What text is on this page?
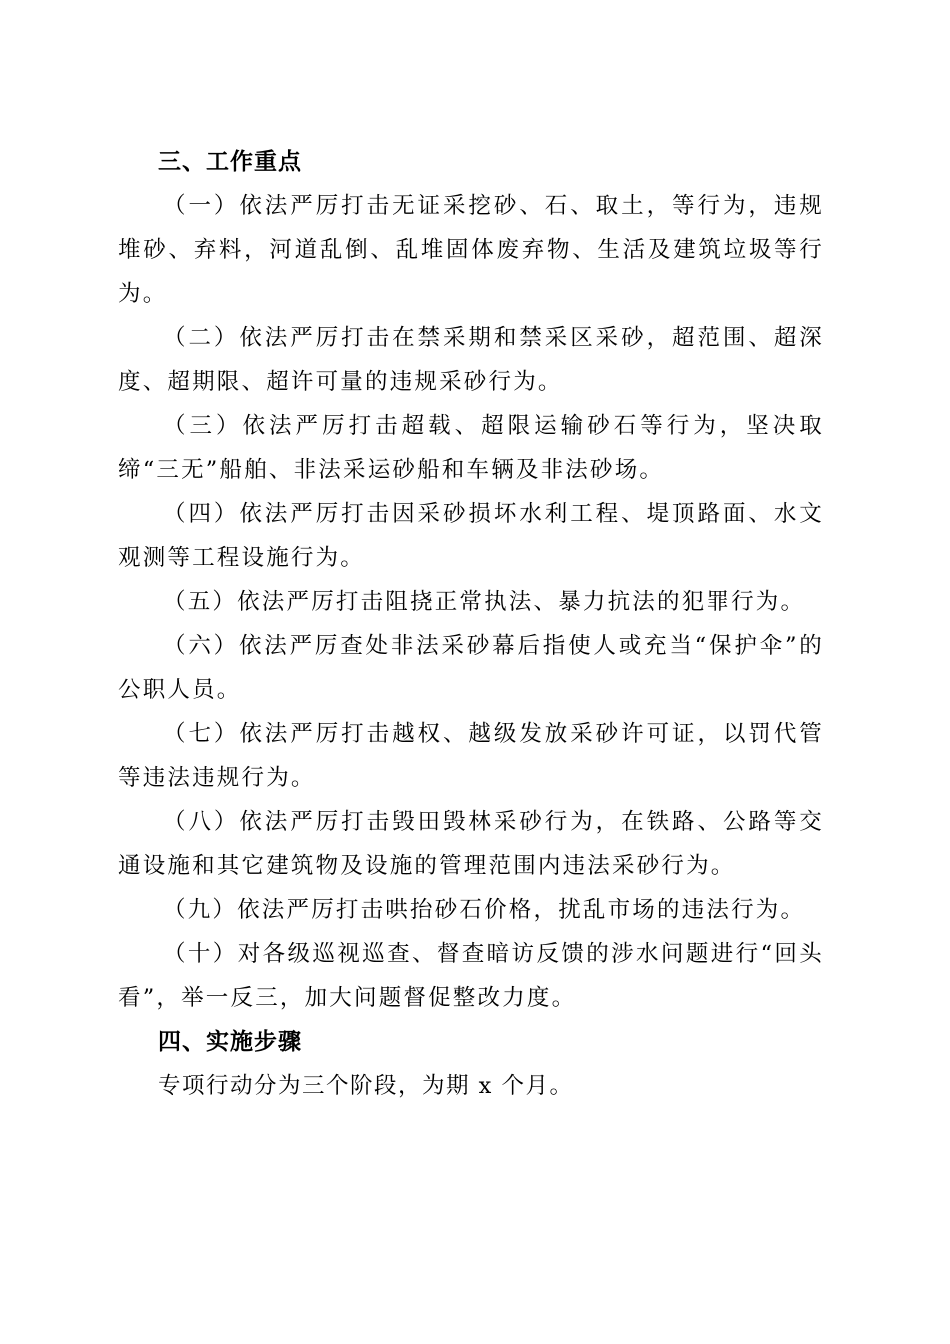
三、工作重点

（一）依法严厉打击无证采挖砂、石、取土，等行为，违规堆砂、弃料，河道乱倒、乱堆固体废弃物、生活及建筑垃圾等行为。

（二）依法严厉打击在禁采期和禁采区采砂，超范围、超深度、超期限、超许可量的违规采砂行为。

（三）依法严厉打击超载、超限运输砂石等行为，坚决取缔“三无”船舶、非法采运砂船和车辆及非法砂场。

（四）依法严厉打击因采砂损坏水利工程、堤顶路面、水文观测等工程设施行为。

（五）依法严厉打击阻挠正常执法、暴力抗法的犯罪行为。

（六）依法严厉查处非法采砂幕后指使人或充当“保护伞”的公职人员。

（七）依法严厉打击越权、越级发放采砂许可证，以罚代管等违法违规行为。

（八）依法严厉打击毁田毁林采砂行为，在铁路、公路等交通设施和其它建筑物及设施的管理范围内违法采砂行为。

（九）依法严厉打击哄抬砂石价格，扰乱市场的违法行为。

（十）对各级巡视巡查、督查暗访反馈的涉水问题进行“回头看”，举一反三，加大问题督促整改力度。

四、实施步骤

专项行动分为三个阶段，为期 x 个月。
